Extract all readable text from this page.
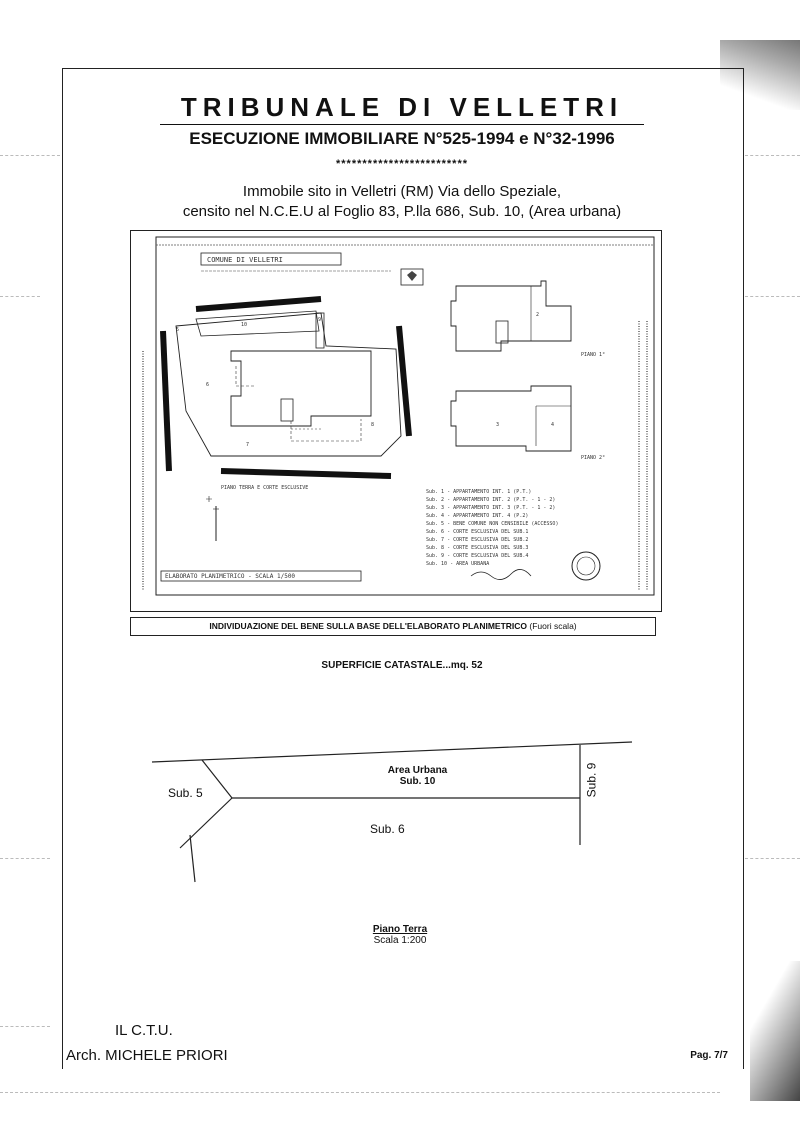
TRIBUNALE DI VELLETRI
ESECUZIONE IMMOBILIARE N°525-1994 e N°32-1996
*************************
Immobile sito in Velletri (RM) Via dello Speziale,
censito nel N.C.E.U al Foglio 83, P.lla 686, Sub. 10, (Area urbana)
COMUNE DI VELLETRI
5
10
6
7
8
9
PIANO TERRA E CORTE ESCLUSIVE
ELABORATO PLANIMETRICO - SCALA 1/500
2
PIANO 1°
3	4
PIANO 2°
Sub. 1 - APPARTAMENTO INT. 1 (P.T.)
Sub. 2 - APPARTAMENTO INT. 2 (P.T. - 1 - 2)
Sub. 3 - APPARTAMENTO INT. 3 (P.T. - 1 - 2)
Sub. 4 - APPARTAMENTO INT. 4 (P.2)
Sub. 5 - BENE COMUNE NON CENSIBILE (ACCESSO)
Sub. 6 - CORTE ESCLUSIVA DEL SUB.1
Sub. 7 - CORTE ESCLUSIVA DEL SUB.2
Sub. 8 - CORTE ESCLUSIVA DEL SUB.3
Sub. 9 - CORTE ESCLUSIVA DEL SUB.4
Sub. 10 - AREA URBANA
INDIVIDUAZIONE DEL BENE SULLA BASE DELL'ELABORATO PLANIMETRICO (Fuori scala)
SUPERFICIE CATASTALE...mq. 52
Area Urbana
Sub. 10
Sub. 5
Sub. 6
Sub. 9
Piano Terra
Scala 1:200
IL C.T.U.
Arch. MICHELE PRIORI	Pag. 7/7
